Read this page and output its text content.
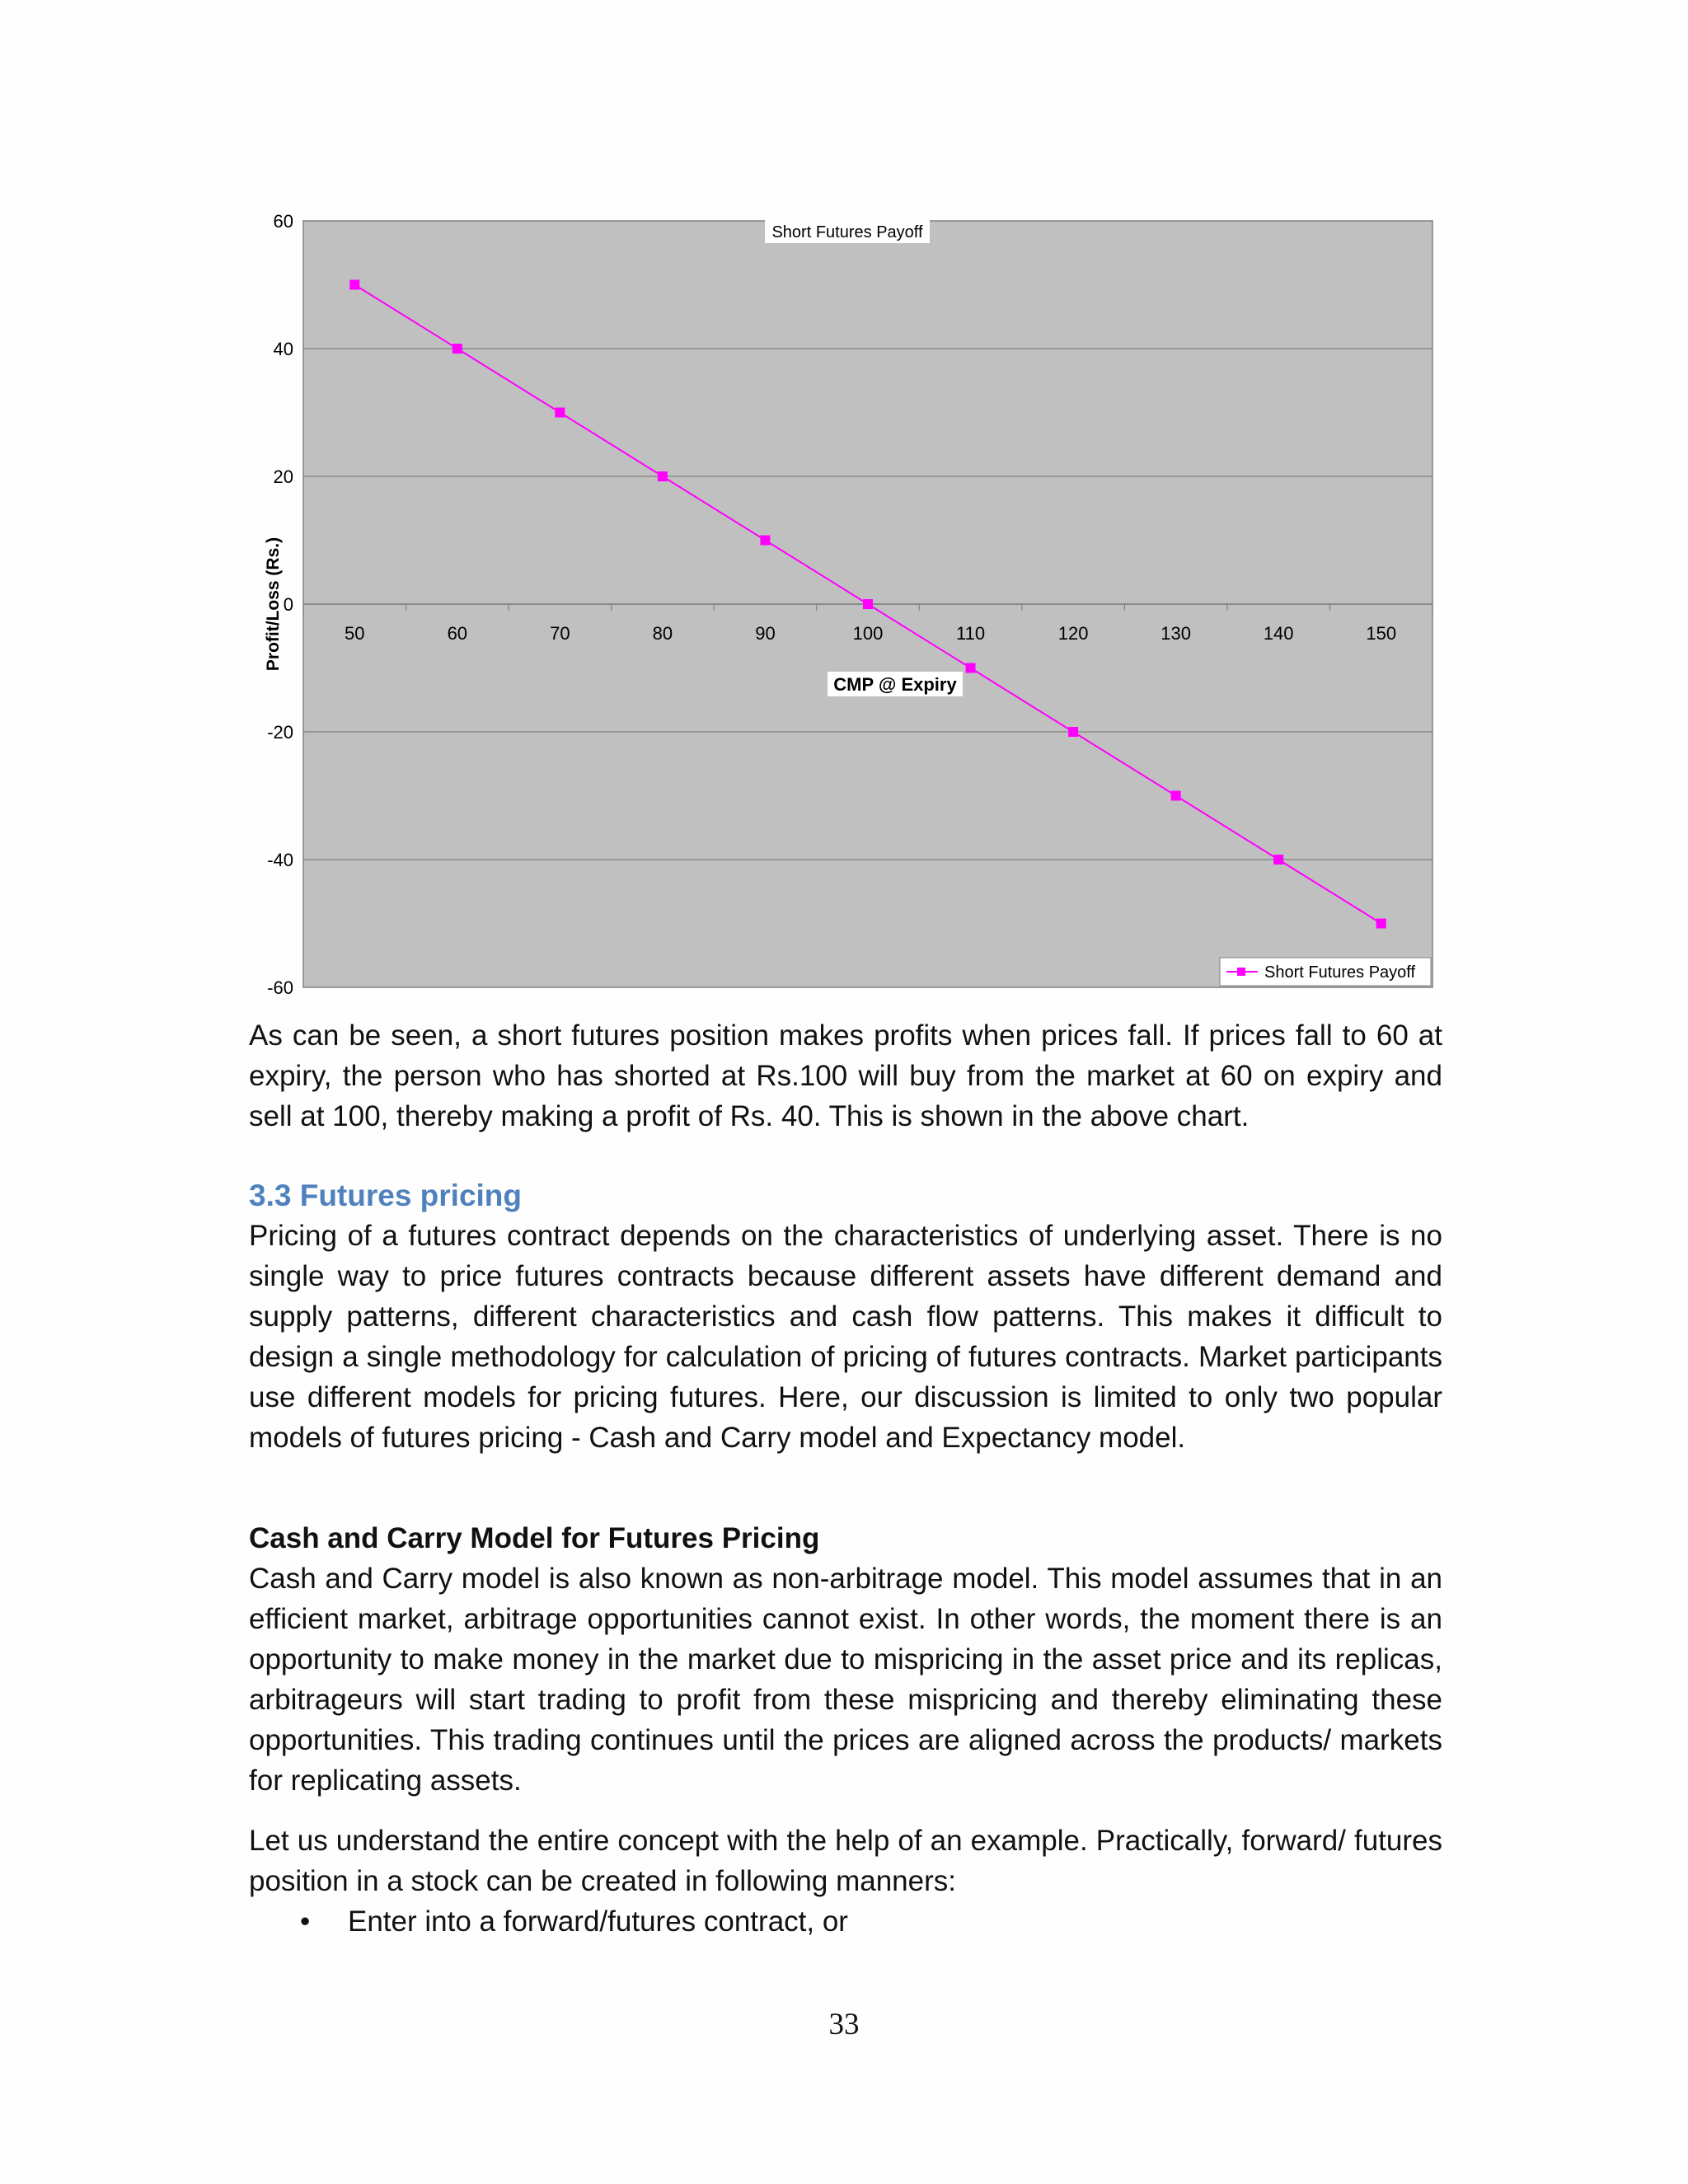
60
40
20
0
-20
-40
-60
50	60	70	80	90	100	110	120	130	140	150
Short Futures Payoff
CMP @ Expiry
Profit/Loss (Rs.)
Short Futures Payoff

As can be seen, a short futures position makes profits when prices fall. If prices fall to 60 at expiry, the person who has shorted at Rs.100 will buy from the market at 60 on expiry and sell at 100, thereby making a profit of Rs. 40. This is shown in the above chart.

3.3 Futures pricing

Pricing of a futures contract depends on the characteristics of underlying asset. There is no single way to price futures contracts because different assets have different demand and supply patterns, different characteristics and cash flow patterns. This makes it difficult to design a single methodology for calculation of pricing of futures contracts. Market participants use different models for pricing futures. Here, our discussion is limited to only two popular models of futures pricing - Cash and Carry model and Expectancy model.

Cash and Carry Model for Futures Pricing

Cash and Carry model is also known as non-arbitrage model. This model assumes that in an efficient market, arbitrage opportunities cannot exist. In other words, the moment there is an opportunity to make money in the market due to mispricing in the asset price and its replicas, arbitrageurs will start trading to profit from these mispricing and thereby eliminating these opportunities. This trading continues until the prices are aligned across the products/ markets for replicating assets.

Let us understand the entire concept with the help of an example. Practically, forward/ futures position in a stock can be created in following manners:

• Enter into a forward/futures contract, or
33
